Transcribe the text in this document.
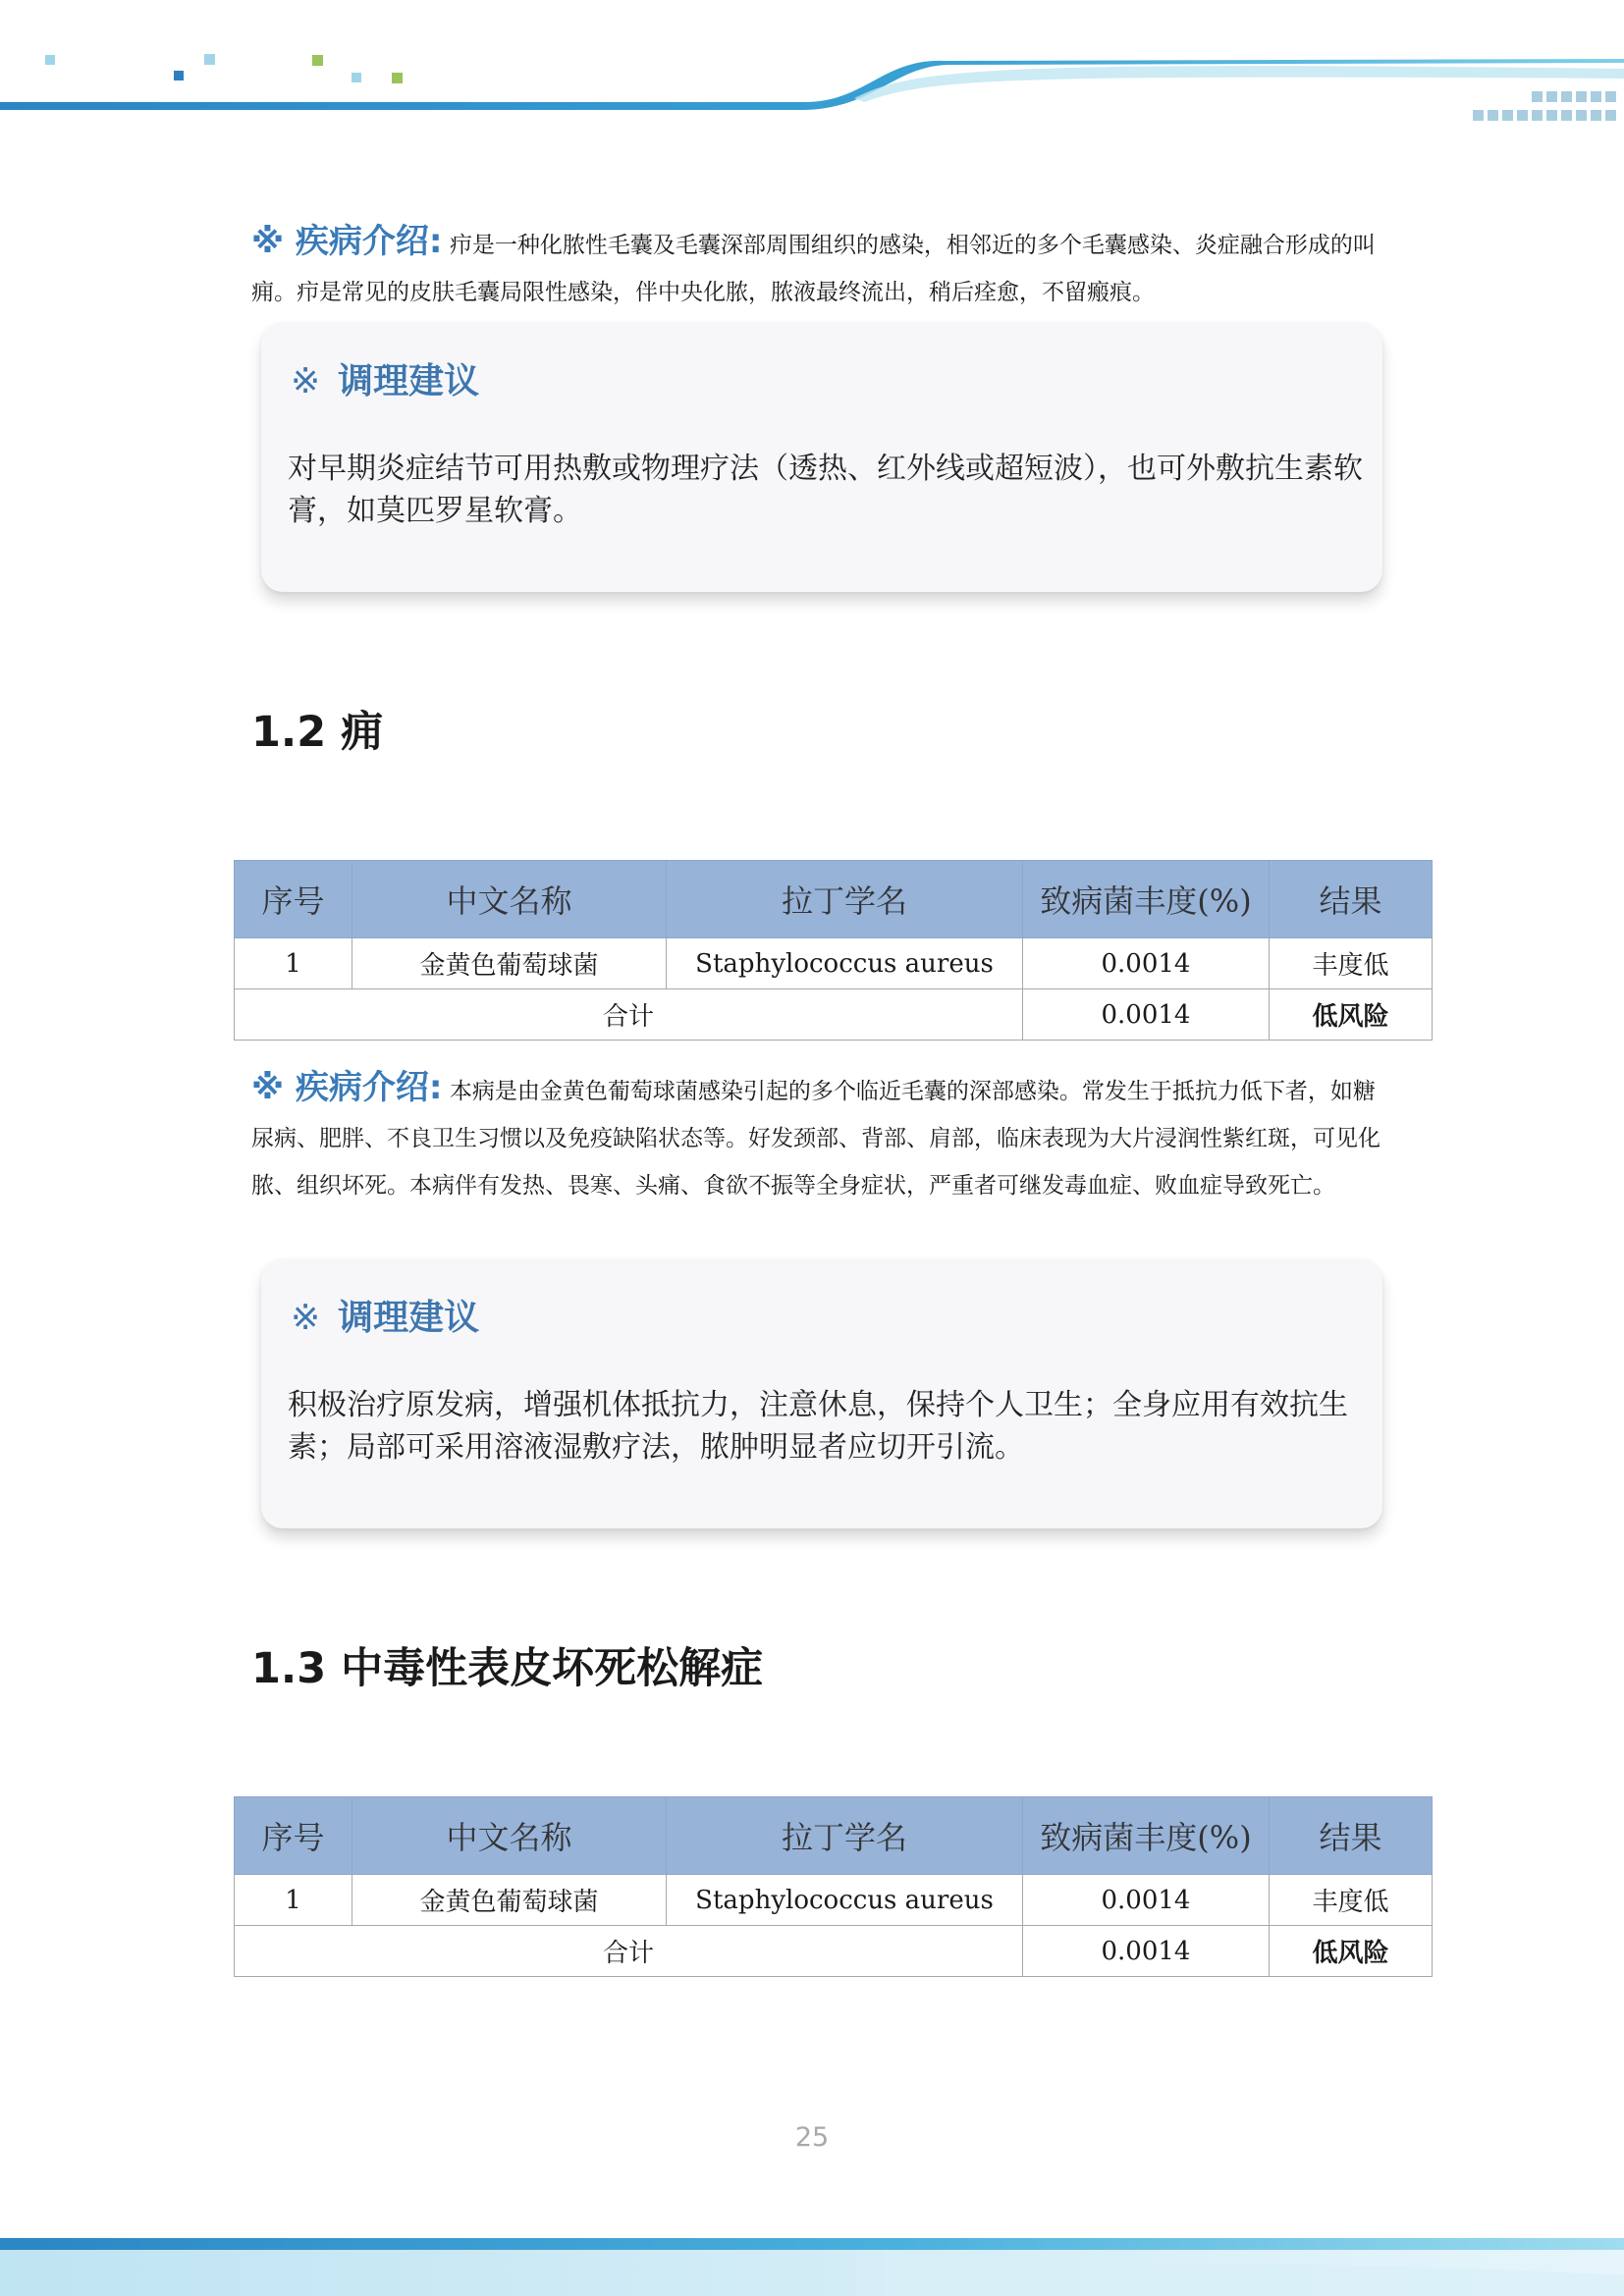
※ 疾病介绍: 疖是一种化脓性毛囊及毛囊深部周围组织的感染，相邻近的多个毛囊感染、炎症融合形成的叫痈。疖是常见的皮肤毛囊局限性感染，伴中央化脓，脓液最终流出，稍后痊愈，不留瘢痕。
※ 调理建议
对早期炎症结节可用热敷或物理疗法（透热、红外线或超短波），也可外敷抗生素软膏，如莫匹罗星软膏。
1.2 痈
序号	中文名称	拉丁学名	致病菌丰度(%)	结果
1	金黄色葡萄球菌	Staphylococcus aureus	0.0014	丰度低
合计			0.0014	低风险
※ 疾病介绍: 本病是由金黄色葡萄球菌感染引起的多个临近毛囊的深部感染。常发生于抵抗力低下者，如糖尿病、肥胖、不良卫生习惯以及免疫缺陷状态等。好发颈部、背部、肩部，临床表现为大片浸润性紫红斑，可见化脓、组织坏死。本病伴有发热、畏寒、头痛、食欲不振等全身症状，严重者可继发毒血症、败血症导致死亡。
※ 调理建议
积极治疗原发病，增强机体抵抗力，注意休息，保持个人卫生；全身应用有效抗生素；局部可采用溶液湿敷疗法，脓肿明显者应切开引流。
1.3 中毒性表皮坏死松解症
序号	中文名称	拉丁学名	致病菌丰度(%)	结果
1	金黄色葡萄球菌	Staphylococcus aureus	0.0014	丰度低
合计			0.0014	低风险
25
